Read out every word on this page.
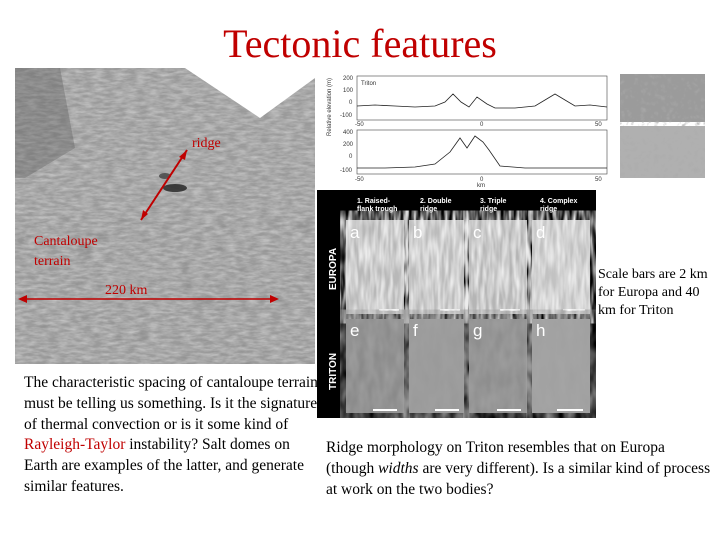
Tectonic features
ridge
Cantaloupe
terrain
220 km
Relative elevation (m)	Triton
200
100
0
-100
-50	0	50
400
200
0
-100
-50	0	50
km
1. Raised-flank trough
2. Double ridge
3. Triple ridge
4. Complex ridge
EUROPA
TRITON
a	b	c	d
e	f	g	h
Scale bars are 2 km for Europa and 40 km for Triton
The characteristic spacing of cantaloupe terrain must be telling us something. Is it the signature of thermal convection or is it some kind of Rayleigh-Taylor instability? Salt domes on Earth are examples of the latter, and generate similar features.
Ridge morphology on Triton resembles that on Europa (though widths are very different). Is a similar kind of process at work on the two bodies?
